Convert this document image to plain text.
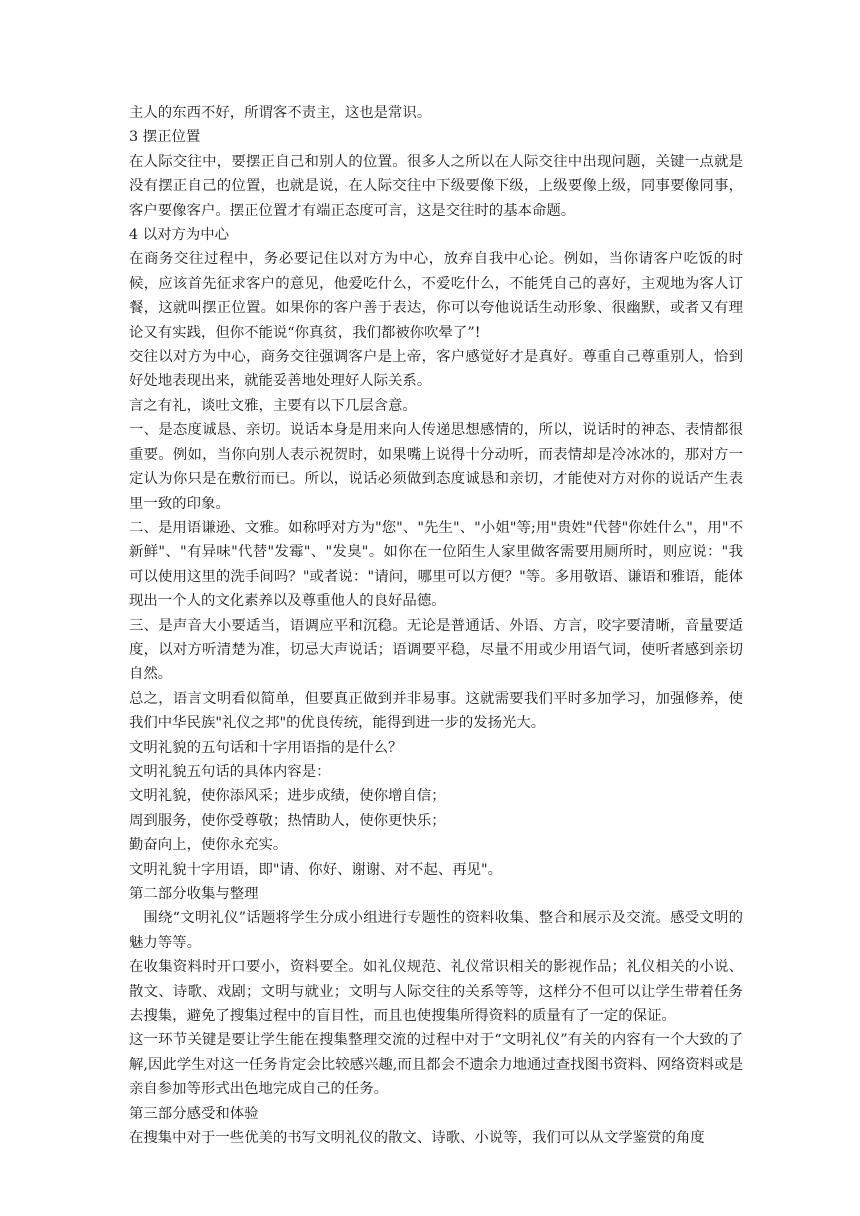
主人的东西不好，所谓客不责主，这也是常识。

3 摆正位置

在人际交往中，要摆正自己和别人的位置。很多人之所以在人际交往中出现问题，关键一点就是没有摆正自己的位置，也就是说，在人际交往中下级要像下级，上级要像上级，同事要像同事，客户要像客户。摆正位置才有端正态度可言，这是交往时的基本命题。

4 以对方为中心

在商务交往过程中，务必要记住以对方为中心，放弃自我中心论。例如，当你请客户吃饭的时候，应该首先征求客户的意见，他爱吃什么，不爱吃什么，不能凭自己的喜好，主观地为客人订餐，这就叫摆正位置。如果你的客户善于表达，你可以夸他说话生动形象、很幽默，或者又有理论又有实践，但你不能说“你真贫，我们都被你吹晕了”!

交往以对方为中心，商务交往强调客户是上帝，客户感觉好才是真好。尊重自己尊重别人，恰到好处地表现出来，就能妥善地处理好人际关系。

言之有礼，谈吐文雅，主要有以下几层含意。

一、是态度诚恳、亲切。说话本身是用来向人传递思想感情的，所以，说话时的神态、表情都很重要。例如，当你向别人表示祝贺时，如果嘴上说得十分动听，而表情却是冷冰冰的，那对方一定认为你只是在敷衍而已。所以，说话必须做到态度诚恳和亲切，才能使对方对你的说话产生表里一致的印象。

二、是用语谦逊、文雅。如称呼对方为"您"、"先生"、"小姐"等;用"贵姓"代替"你姓什么"，用"不新鲜"、"有异味"代替"发霉"、"发臭"。如你在一位陌生人家里做客需要用厕所时，则应说："我可以使用这里的洗手间吗？"或者说："请问，哪里可以方便？"等。多用敬语、谦语和雅语，能体现出一个人的文化素养以及尊重他人的良好品德。

三、是声音大小要适当，语调应平和沉稳。无论是普通话、外语、方言，咬字要清晰，音量要适度，以对方听清楚为准，切忌大声说话；语调要平稳，尽量不用或少用语气词，使听者感到亲切自然。

总之，语言文明看似简单，但要真正做到并非易事。这就需要我们平时多加学习，加强修养，使我们中华民族"礼仪之邦"的优良传统，能得到进一步的发扬光大。

文明礼貌的五句话和十字用语指的是什么？

文明礼貌五句话的具体内容是：

文明礼貌，使你添风采；进步成绩，使你增自信；

周到服务，使你受尊敬；热情助人，使你更快乐；

勤奋向上，使你永充实。

文明礼貌十字用语，即"请、你好、谢谢、对不起、再见"。

第二部分收集与整理

围绕“文明礼仪”话题将学生分成小组进行专题性的资料收集、整合和展示及交流。感受文明的魅力等等。

在收集资料时开口要小，资料要全。如礼仪规范、礼仪常识相关的影视作品；礼仪相关的小说、散文、诗歌、戏剧；文明与就业；文明与人际交往的关系等等，这样分不但可以让学生带着任务去搜集，避免了搜集过程中的盲目性，而且也使搜集所得资料的质量有了一定的保证。

这一环节关键是要让学生能在搜集整理交流的过程中对于“文明礼仪”有关的内容有一个大致的了解,因此学生对这一任务肯定会比较感兴趣,而且都会不遗余力地通过查找图书资料、网络资料或是亲自参加等形式出色地完成自己的任务。

第三部分感受和体验

在搜集中对于一些优美的书写文明礼仪的散文、诗歌、小说等，我们可以从文学鉴赏的角度
